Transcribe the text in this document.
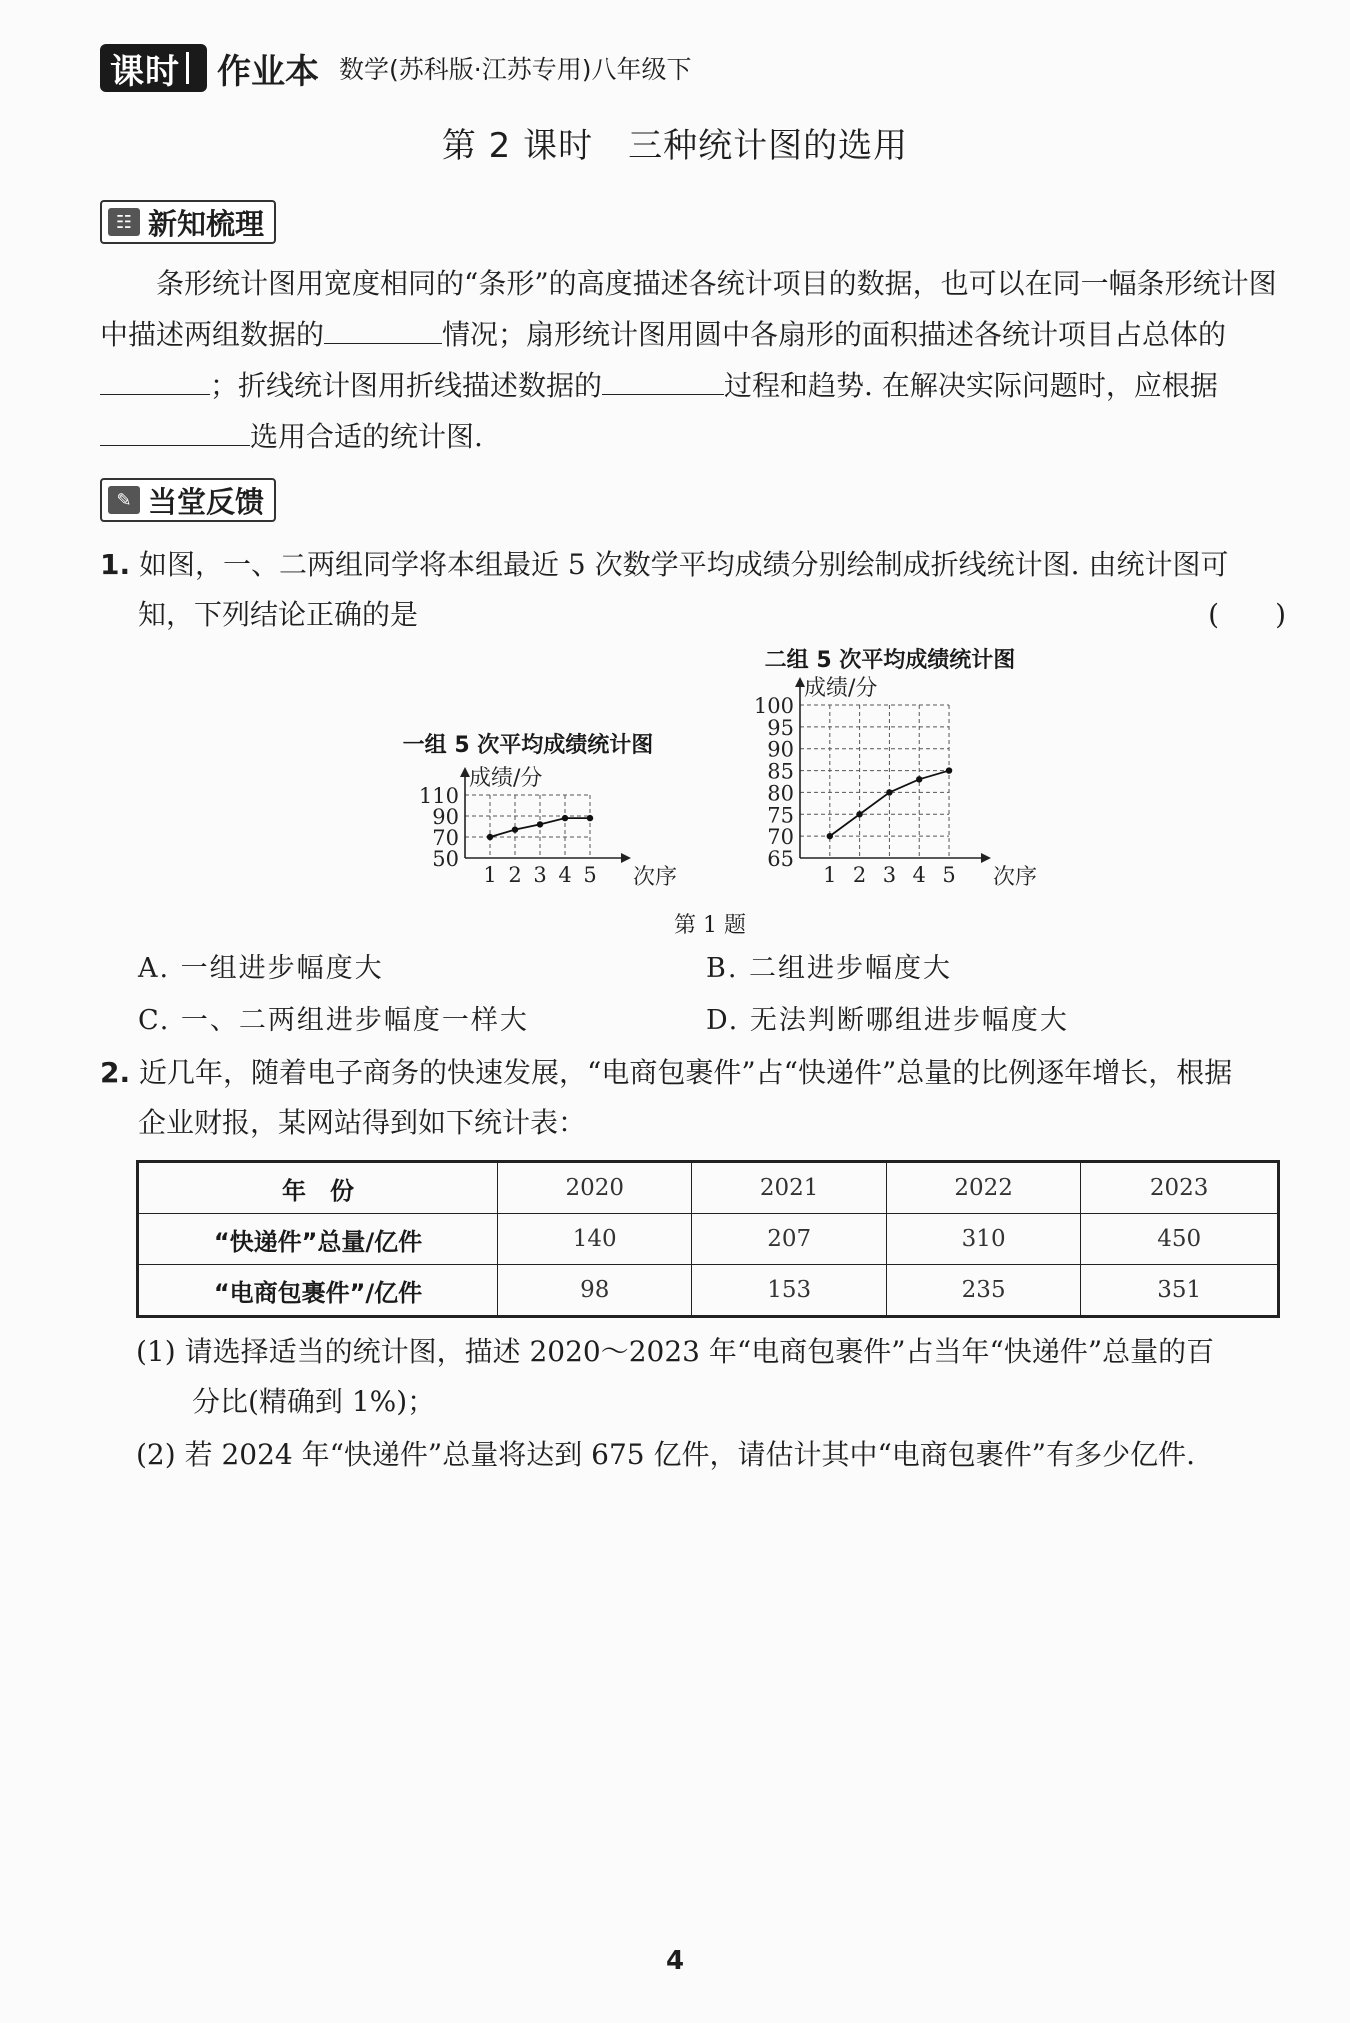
课时 作业本 数学(苏科版·江苏专用)八年级下
第 2 课时　三种统计图的选用
☷ 新知梳理
条形统计图用宽度相同的“条形”的高度描述各统计项目的数据，也可以在同一幅条形统计图中描述两组数据的	情况；扇形统计图用圆中各扇形的面积描述各统计项目占总体的；折线统计图用折线描述数据的	过程和趋势. 在解决实际问题时，应根据选用合适的统计图.
✎ 当堂反馈
1. 如图，一、二两组同学将本组最近 5 次数学平均成绩分别绘制成折线统计图. 由统计图可
知，下列结论正确的是	(　　)
一组 5 次平均成绩统计图
成绩/分
次序
50
70
90
110
1 2 3 4 5
二组 5 次平均成绩统计图
成绩/分
次序
65
70
75
80
85
90
95
100
1 2 3 4 5
第 1 题
A. 一组进步幅度大	B. 二组进步幅度大
C. 一、二两组进步幅度一样大	D. 无法判断哪组进步幅度大
2. 近几年，随着电子商务的快速发展，“电商包裹件”占“快递件”总量的比例逐年增长，根据
企业财报，某网站得到如下统计表：
年　份	2020	2021	2022	2023
“快递件”总量/亿件	140	207	310	450
“电商包裹件”/亿件	98	153	235	351
(1) 请选择适当的统计图，描述 2020～2023 年“电商包裹件”占当年“快递件”总量的百
分比(精确到 1%)；
(2) 若 2024 年“快递件”总量将达到 675 亿件，请估计其中“电商包裹件”有多少亿件.
4
